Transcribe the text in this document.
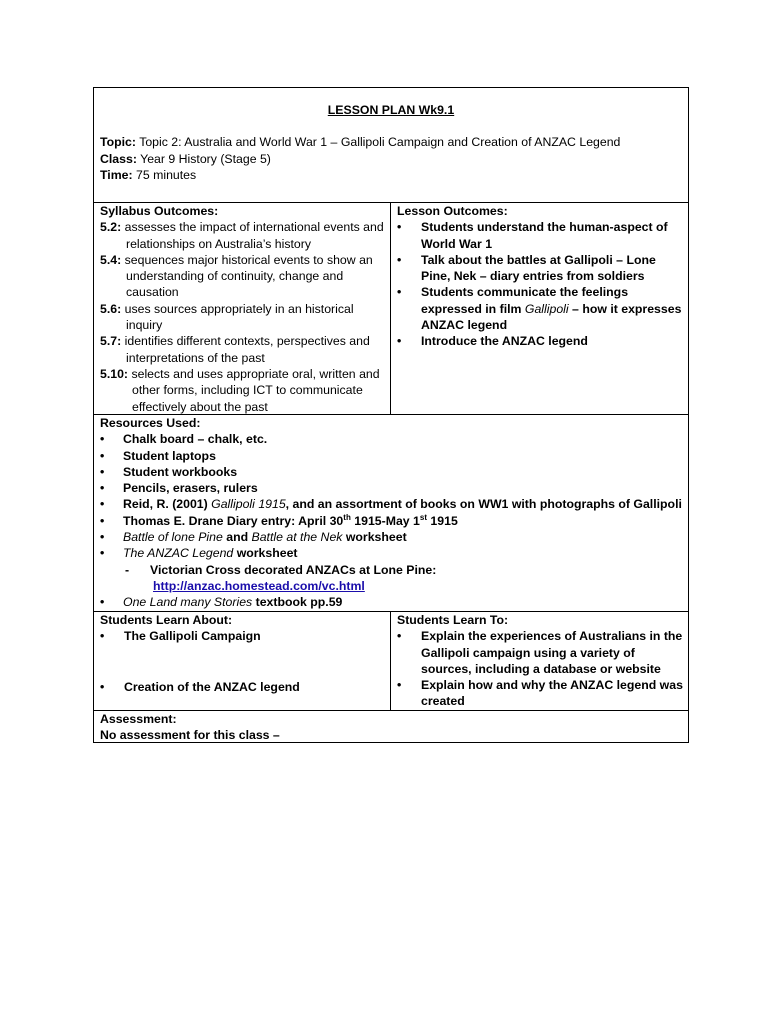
LESSON PLAN Wk9.1
Topic: Topic 2: Australia and World War 1 – Gallipoli Campaign and Creation of ANZAC Legend
Class: Year 9 History (Stage 5)
Time: 75 minutes
Syllabus Outcomes:
5.2: assesses the impact of international events and relationships on Australia’s history
5.4: sequences major historical events to show an understanding of continuity, change and causation
5.6: uses sources appropriately in an historical inquiry
5.7: identifies different contexts, perspectives and interpretations of the past
5.10: selects and uses appropriate oral, written and other forms, including ICT to communicate effectively about the past
Lesson Outcomes:
•	Students understand the human-aspect of World War 1
•	Talk about the battles at Gallipoli – Lone Pine, Nek – diary entries from soldiers
•	Students communicate the feelings expressed in film Gallipoli – how it expresses ANZAC legend
•	Introduce the ANZAC legend
Resources Used:
•	Chalk board – chalk, etc.
•	Student laptops
•	Student workbooks
•	Pencils, erasers, rulers
•	Reid, R. (2001) Gallipoli 1915, and an assortment of books on WW1 with photographs of Gallipoli
•	Thomas E. Drane Diary entry: April 30th 1915-May 1st 1915
•	Battle of lone Pine and Battle at the Nek worksheet
•	The ANZAC Legend worksheet
-	Victorian Cross decorated ANZACs at Lone Pine:
http://anzac.homestead.com/vc.html
•	One Land many Stories textbook pp.59
Students Learn About:
•	The Gallipoli Campaign
•	Creation of the ANZAC legend
Students Learn To:
•	Explain the experiences of Australians in the Gallipoli campaign using a variety of sources, including a database or website
•	Explain how and why the ANZAC legend was created
Assessment:
No assessment for this class –
